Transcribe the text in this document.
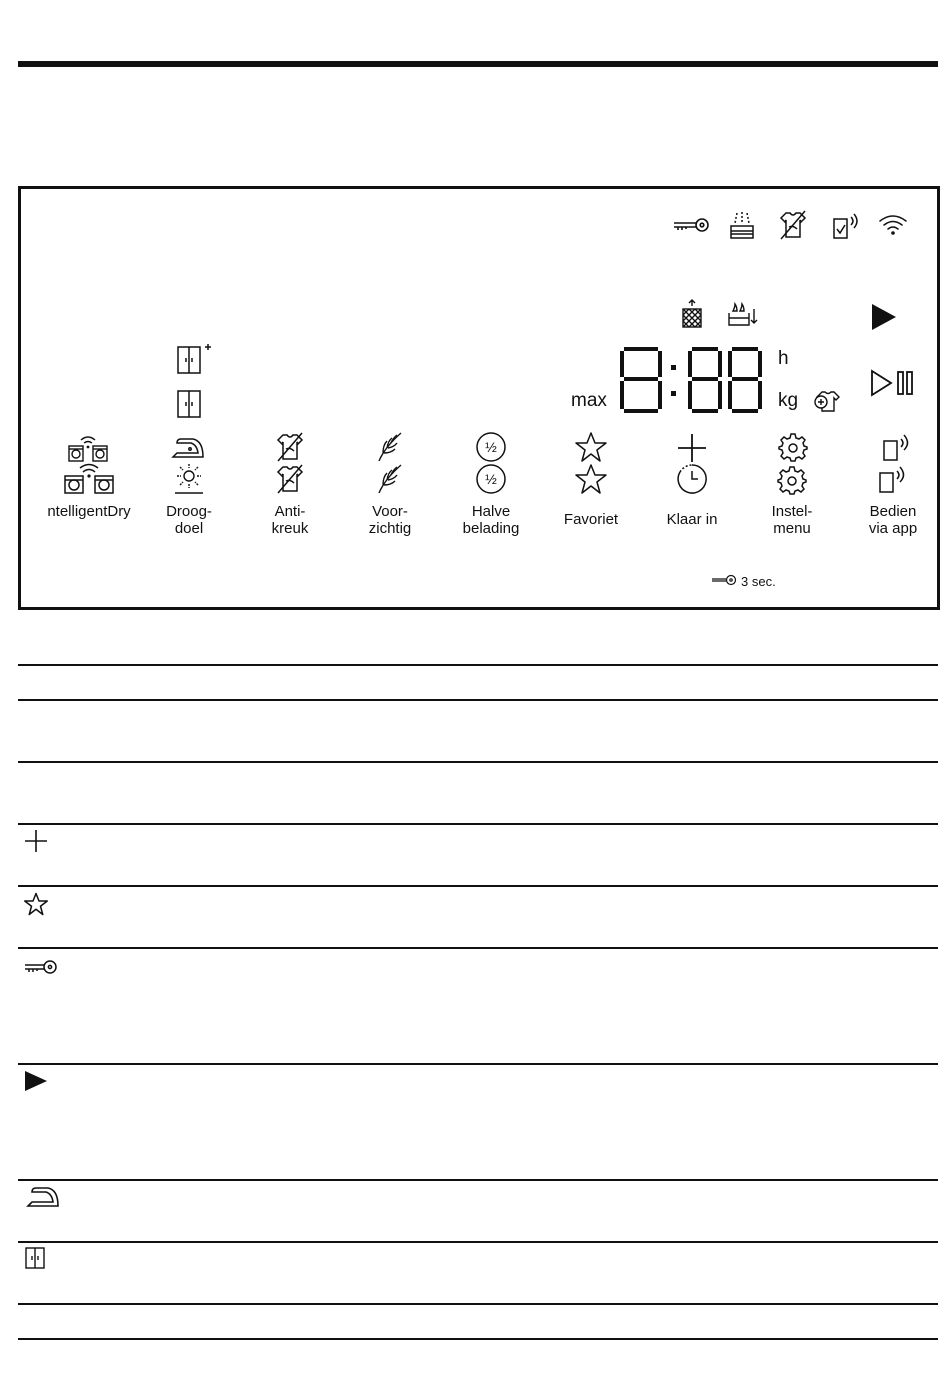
max
h
kg
½
ntelligentDry	Droog-
doel
Anti-
kreuk
Voor-
zichtig
½
Halve
belading
Favoriet	Klaar in	Instel-
menu
Bedien
via app
3 sec.
